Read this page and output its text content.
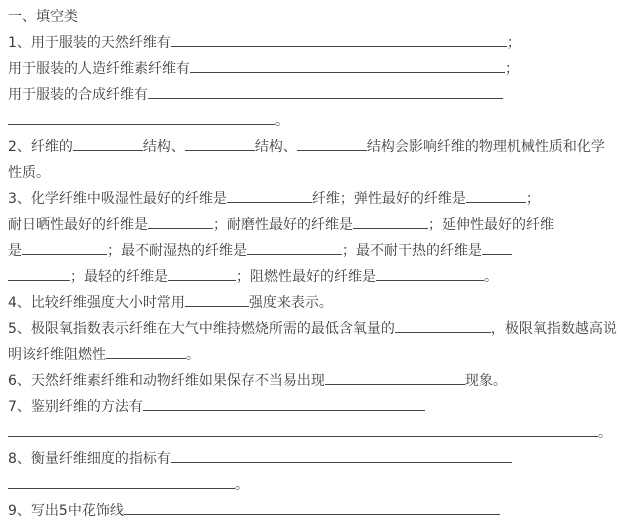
一、填空类
1、用于服装的天然纤维有	；
用于服装的人造纤维素纤维有	；
用于服装的合成纤维有
。
2、纤维的	结构、	结构、	结构会影响纤维的物理机械性质和化学
性质。
3、化学纤维中吸湿性最好的纤维是	纤维；弹性最好的纤维是	；
耐日晒性最好的纤维是	；耐磨性最好的纤维是	；延伸性最好的纤维
是	；最不耐湿热的纤维是	；最不耐干热的纤维是
；最轻的纤维是	；阻燃性最好的纤维是	。
4、比较纤维强度大小时常用	强度来表示。
5、极限氧指数表示纤维在大气中维持燃烧所需的最低含氧量的	，极限氧指数越高说
明该纤维阻燃性	。
6、天然纤维素纤维和动物纤维如果保存不当易出现	现象。
7、鉴别纤维的方法有
。
8、衡量纤维细度的指标有
。
9、写出5中花饰线
